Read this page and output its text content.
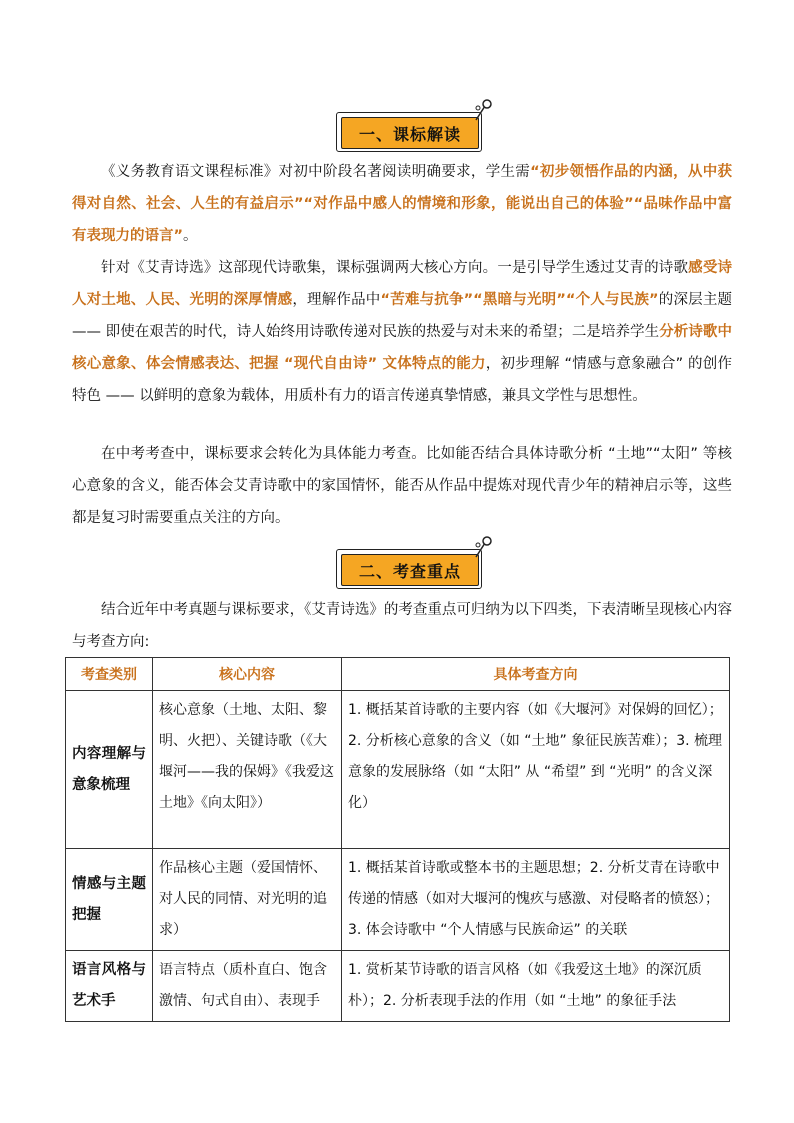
一、课标解读

《义务教育语文课程标准》对初中阶段名著阅读明确要求，学生需“初步领悟作品的内涵，从中获得对自然、社会、人生的有益启示”“对作品中感人的情境和形象，能说出自己的体验”“品味作品中富有表现力的语言”。

针对《艾青诗选》这部现代诗歌集，课标强调两大核心方向。一是引导学生透过艾青的诗歌感受诗人对土地、人民、光明的深厚情感，理解作品中“苦难与抗争”“黑暗与光明”“个人与民族”的深层主题 —— 即使在艰苦的时代，诗人始终用诗歌传递对民族的热爱与对未来的希望；二是培养学生分析诗歌中核心意象、体会情感表达、把握 “现代自由诗” 文体特点的能力，初步理解 “情感与意象融合” 的创作特色 —— 以鲜明的意象为载体，用质朴有力的语言传递真挚情感，兼具文学性与思想性。

在中考考查中，课标要求会转化为具体能力考查。比如能否结合具体诗歌分析 “土地”“太阳” 等核心意象的含义，能否体会艾青诗歌中的家国情怀，能否从作品中提炼对现代青少年的精神启示等，这些都是复习时需要重点关注的方向。

二、考查重点

结合近年中考真题与课标要求，《艾青诗选》的考查重点可归纳为以下四类，下表清晰呈现核心内容与考查方向:

考查类别	核心内容	具体考查方向
内容理解与意象梳理	核心意象（土地、太阳、黎明、火把）、关键诗歌（《大堰河——我的保姆》《我爱这土地》《向太阳》）	1. 概括某首诗歌的主要内容（如《大堰河》对保姆的回忆）；2. 分析核心意象的含义（如 “土地” 象征民族苦难）；3. 梳理意象的发展脉络（如 “太阳” 从 “希望” 到 “光明” 的含义深化）
情感与主题把握	作品核心主题（爱国情怀、对人民的同情、对光明的追求）	1. 概括某首诗歌或整本书的主题思想；2. 分析艾青在诗歌中传递的情感（如对大堰河的愧疚与感激、对侵略者的愤怒）；3. 体会诗歌中 “个人情感与民族命运” 的关联

语言风格与艺术手	语言特点（质朴直白、饱含激情、句式自由）、表现手	1. 赏析某节诗歌的语言风格（如《我爱这土地》的深沉质朴）；2. 分析表现手法的作用（如 “土地” 的象征手法
